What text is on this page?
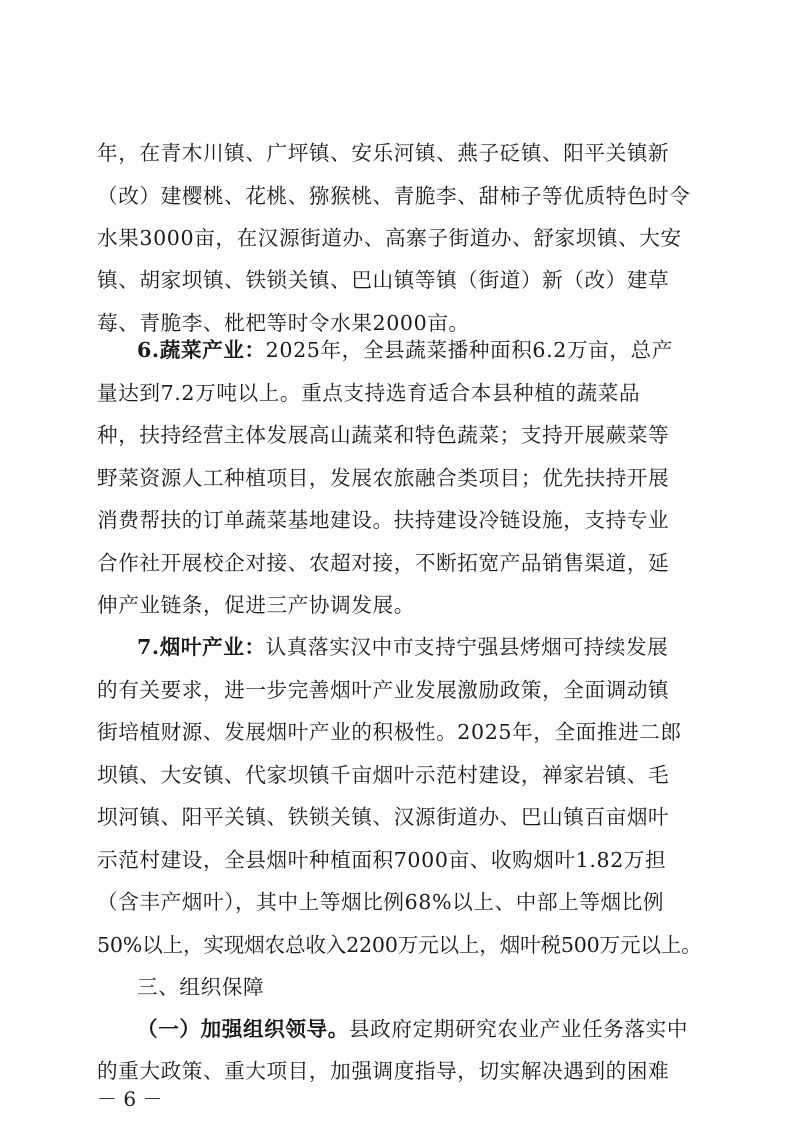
年，在青木川镇、广坪镇、安乐河镇、燕子砭镇、阳平关镇新
（改）建樱桃、花桃、猕猴桃、青脆李、甜柿子等优质特色时令
水果3000亩，在汉源街道办、高寨子街道办、舒家坝镇、大安
镇、胡家坝镇、铁锁关镇、巴山镇等镇（街道）新（改）建草
莓、青脆李、枇杷等时令水果2000亩。
6.蔬菜产业：2025年，全县蔬菜播种面积6.2万亩，总产
量达到7.2万吨以上。重点支持选育适合本县种植的蔬菜品
种，扶持经营主体发展高山蔬菜和特色蔬菜；支持开展蕨菜等
野菜资源人工种植项目，发展农旅融合类项目；优先扶持开展
消费帮扶的订单蔬菜基地建设。扶持建设冷链设施，支持专业
合作社开展校企对接、农超对接，不断拓宽产品销售渠道，延
伸产业链条，促进三产协调发展。
7.烟叶产业：认真落实汉中市支持宁强县烤烟可持续发展
的有关要求，进一步完善烟叶产业发展激励政策，全面调动镇
街培植财源、发展烟叶产业的积极性。2025年，全面推进二郎
坝镇、大安镇、代家坝镇千亩烟叶示范村建设，禅家岩镇、毛
坝河镇、阳平关镇、铁锁关镇、汉源街道办、巴山镇百亩烟叶
示范村建设，全县烟叶种植面积7000亩、收购烟叶1.82万担
（含丰产烟叶），其中上等烟比例68%以上、中部上等烟比例
50%以上，实现烟农总收入2200万元以上，烟叶税500万元以上。
三、组织保障
（一）加强组织领导。县政府定期研究农业产业任务落实中
的重大政策、重大项目，加强调度指导，切实解决遇到的困难
－ 6 －
